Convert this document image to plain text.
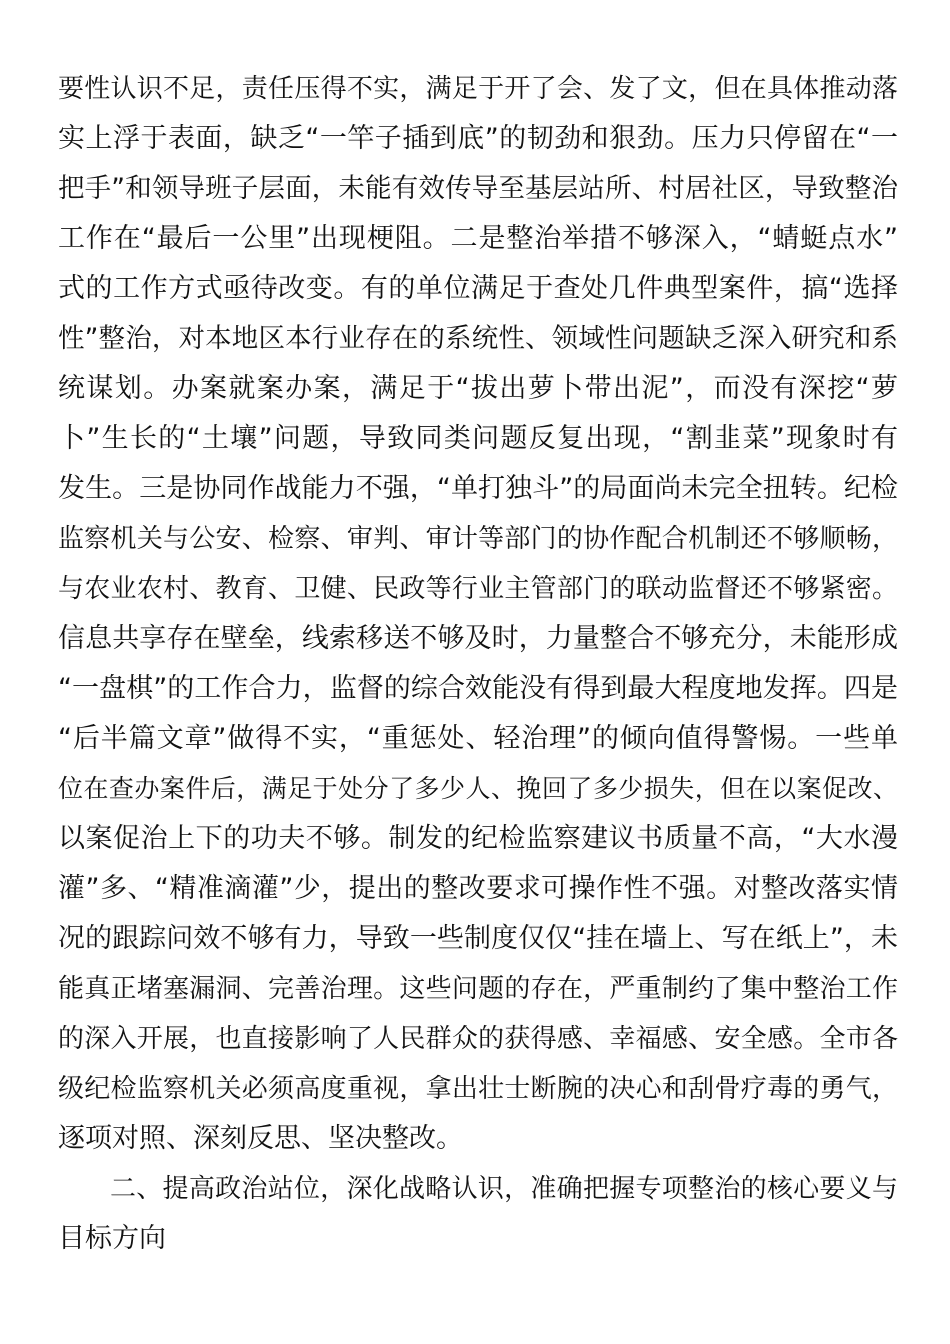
要性认识不足，责任压得不实，满足于开了会、发了文，但在具体推动落
实上浮于表面，缺乏“一竿子插到底”的韧劲和狠劲。压力只停留在“一
把手”和领导班子层面，未能有效传导至基层站所、村居社区，导致整治
工作在“最后一公里”出现梗阻。二是整治举措不够深入，“蜻蜓点水”
式的工作方式亟待改变。有的单位满足于查处几件典型案件，搞“选择
性”整治，对本地区本行业存在的系统性、领域性问题缺乏深入研究和系
统谋划。办案就案办案，满足于“拔出萝卜带出泥”，而没有深挖“萝
卜”生长的“土壤”问题，导致同类问题反复出现，“割韭菜”现象时有
发生。三是协同作战能力不强，“单打独斗”的局面尚未完全扭转。纪检
监察机关与公安、检察、审判、审计等部门的协作配合机制还不够顺畅，
与农业农村、教育、卫健、民政等行业主管部门的联动监督还不够紧密。
信息共享存在壁垒，线索移送不够及时，力量整合不够充分，未能形成
“一盘棋”的工作合力，监督的综合效能没有得到最大程度地发挥。四是
“后半篇文章”做得不实，“重惩处、轻治理”的倾向值得警惕。一些单
位在查办案件后，满足于处分了多少人、挽回了多少损失，但在以案促改、
以案促治上下的功夫不够。制发的纪检监察建议书质量不高，“大水漫
灌”多、“精准滴灌”少，提出的整改要求可操作性不强。对整改落实情
况的跟踪问效不够有力，导致一些制度仅仅“挂在墙上、写在纸上”，未
能真正堵塞漏洞、完善治理。这些问题的存在，严重制约了集中整治工作
的深入开展，也直接影响了人民群众的获得感、幸福感、安全感。全市各
级纪检监察机关必须高度重视，拿出壮士断腕的决心和刮骨疗毒的勇气，
逐项对照、深刻反思、坚决整改。
二、提高政治站位，深化战略认识，准确把握专项整治的核心要义与
目标方向
